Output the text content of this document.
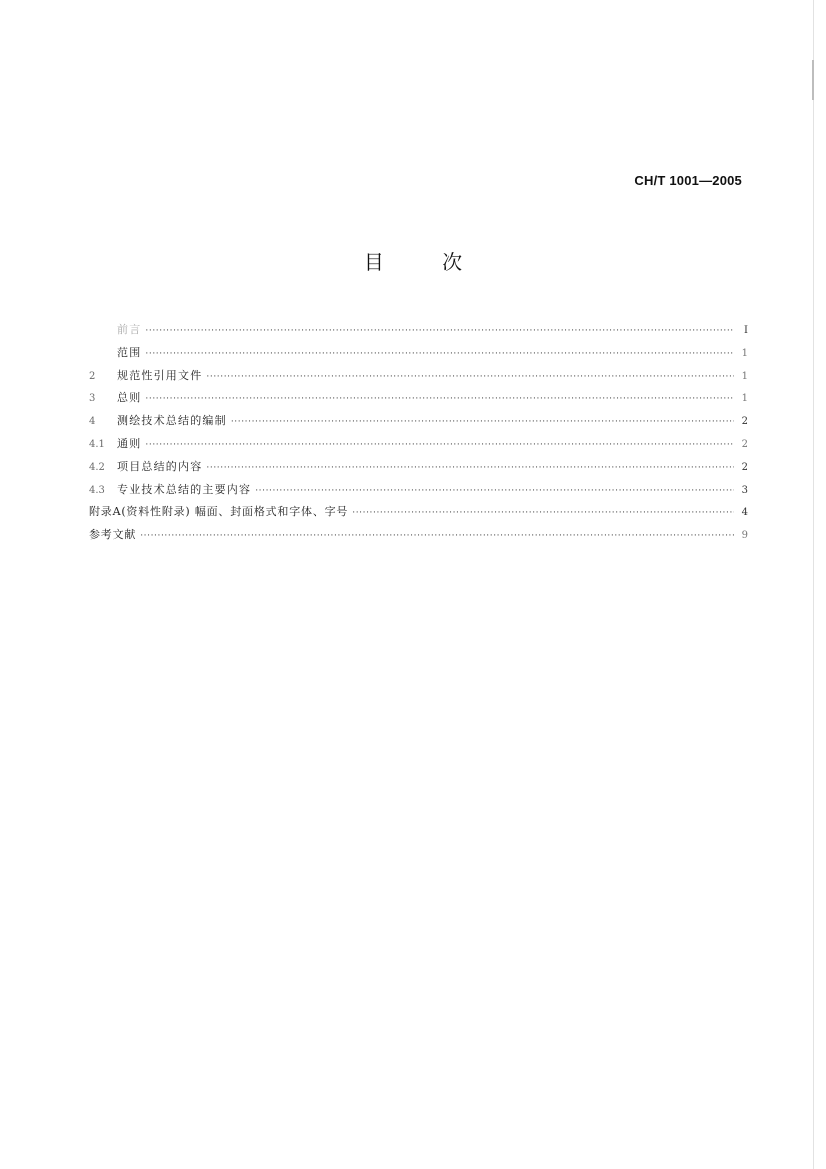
CH/T 1001—2005
目 次
前言 ·····	I
范围 ·····	1
2	规范性引用文件 ·····	1
3	总则 ·····	1
4	测绘技术总结的编制 ·····	2
4.1	通则 ·····	2
4.2	项目总结的内容 ·····	2
4.3	专业技术总结的主要内容 ·····	3
附录A(资料性附录) 幅面、封面格式和字体、字号 ·····	4
参考文献 ·····	9
